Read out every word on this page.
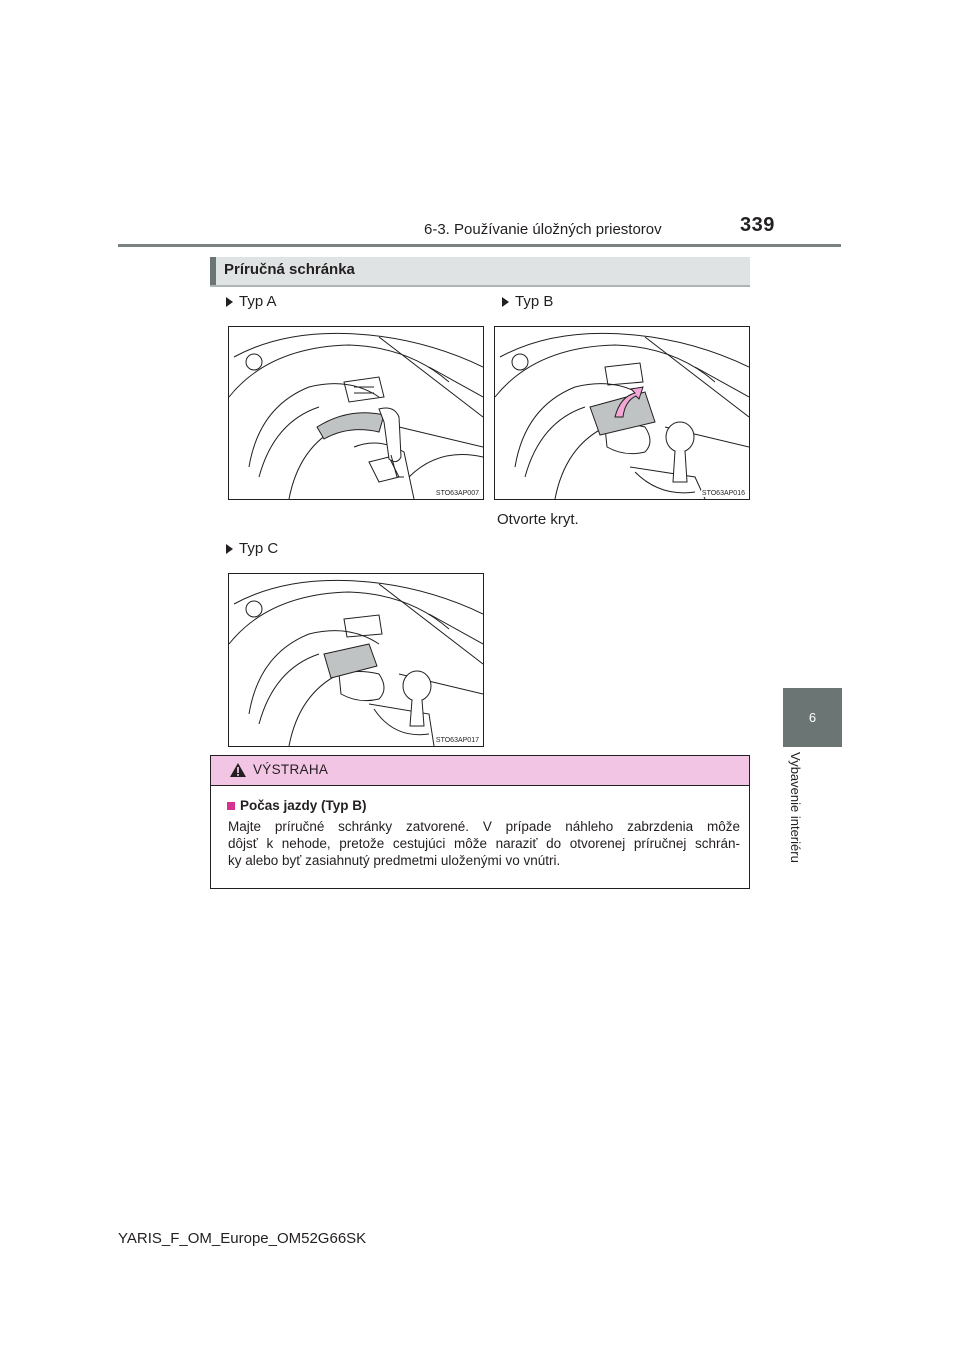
6-3. Používanie úložných priestorov	339
6
Vybavenie interiéru
Príručná schránka
Typ A
STO63AP007
Typ B
STO63AP016
Otvorte kryt.
Typ C
STO63AP017
VÝSTRAHA
Počas jazdy (Typ B)
Majte príručné schránky zatvorené. V prípade náhleho zabrzdenia môže
dôjsť k nehode, pretože cestujúci môže naraziť do otvorenej príručnej schrán-
ky alebo byť zasiahnutý predmetmi uloženými vo vnútri.
YARIS_F_OM_Europe_OM52G66SK
